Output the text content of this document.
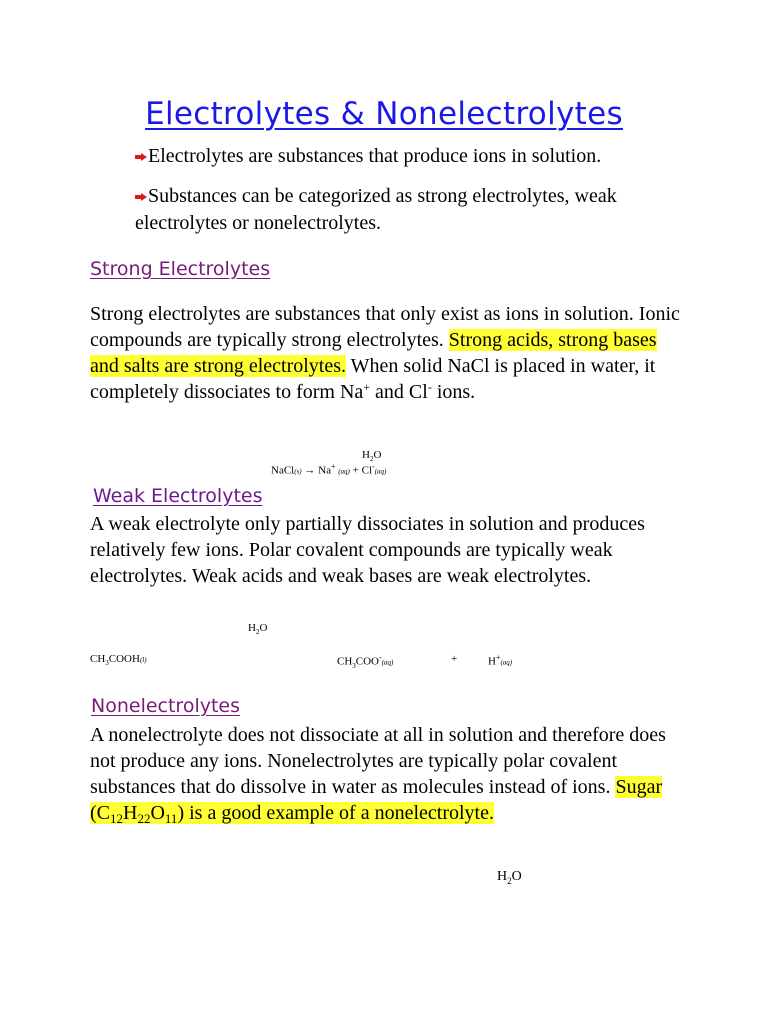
Electrolytes & Nonelectrolytes
Electrolytes are substances that produce ions in solution.
Substances can be categorized as strong electrolytes, weak
electrolytes or nonelectrolytes.
Strong Electrolytes
Strong electrolytes are substances that only exist as ions in solution. Ionic compounds are typically strong electrolytes. Strong acids, strong bases and salts are strong electrolytes. When solid NaCl is placed in water, it completely dissociates to form Na+ and Cl- ions.
$H_2O$
NaCl(s) → Na+ (aq) + Cl-(aq)
Weak Electrolytes
A weak electrolyte only partially dissociates in solution and produces relatively few ions. Polar covalent compounds are typically weak electrolytes. Weak acids and weak bases are weak electrolytes.
$H_2O$
$CH_3COOH(l)$	$CH_3COO^-(aq)$	+	H+(aq)
Nonelectrolytes
A nonelectrolyte does not dissociate at all in solution and therefore does not produce any ions. Nonelectrolytes are typically polar covalent substances that do dissolve in water as molecules instead of ions. Sugar $(C_{12}H_{22}O_{11})$ is a good example of a nonelectrolyte.
$H_2O$
